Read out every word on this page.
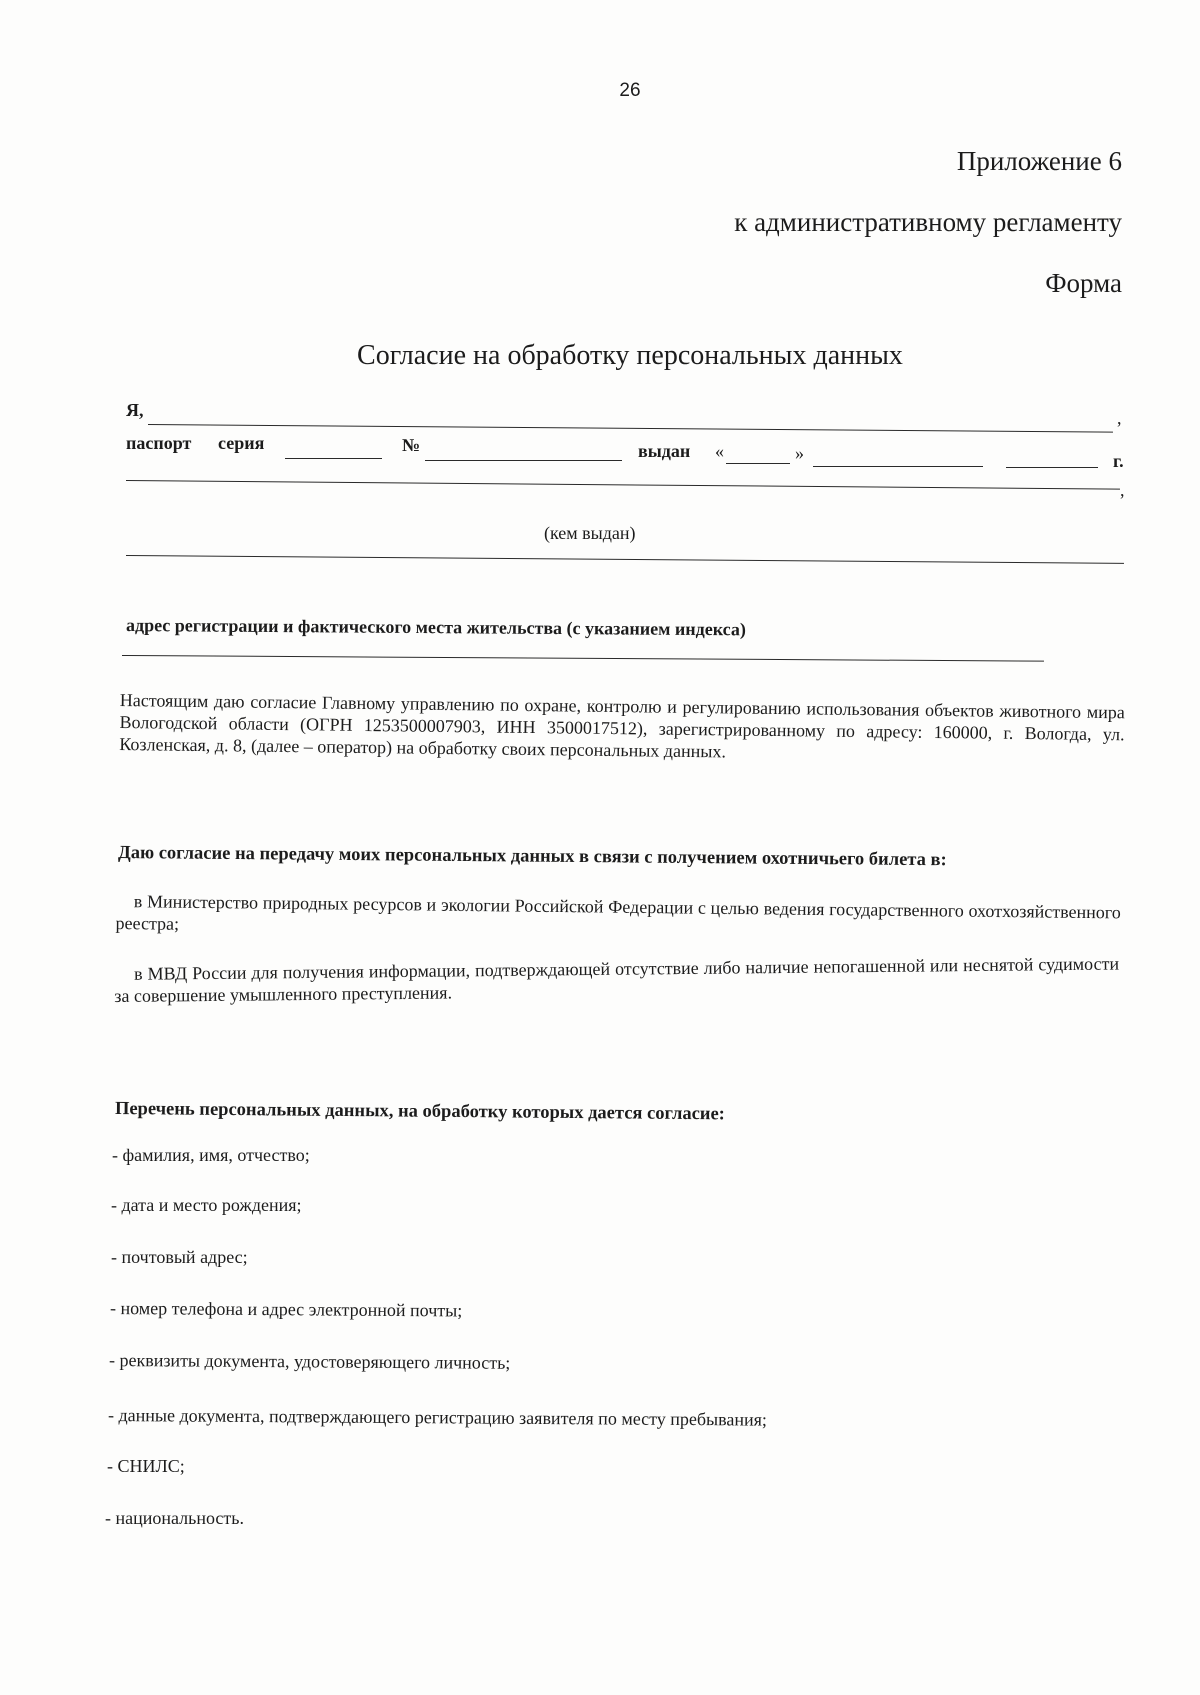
26
Приложение 6
к административному регламенту
Форма
Согласие на обработку персональных данных
Я,	,
паспорт серия	№	выдан «	»	г.
,
(кем выдан)
адрес регистрации и фактического места жительства (с указанием индекса)
Настоящим даю согласие Главному управлению по охране, контролю и регулированию использования объектов животного мира Вологодской области (ОГРН 1253500007903, ИНН 3500017512), зарегистрированному по адресу: 160000, г. Вологда, ул. Козленская, д. 8, (далее – оператор) на обработку своих персональных данных.
Даю согласие на передачу моих персональных данных в связи с получением охотничьего билета в:
в Министерство природных ресурсов и экологии Российской Федерации с целью ведения государственного охотхозяйственного реестра;
в МВД России для получения информации, подтверждающей отсутствие либо наличие непогашенной или неснятой судимости за совершение умышленного преступления.
Перечень персональных данных, на обработку которых дается согласие:
- фамилия, имя, отчество;
- дата и место рождения;
- почтовый адрес;
- номер телефона и адрес электронной почты;
- реквизиты документа, удостоверяющего личность;
- данные документа, подтверждающего регистрацию заявителя по месту пребывания;
- СНИЛС;
- национальность.
